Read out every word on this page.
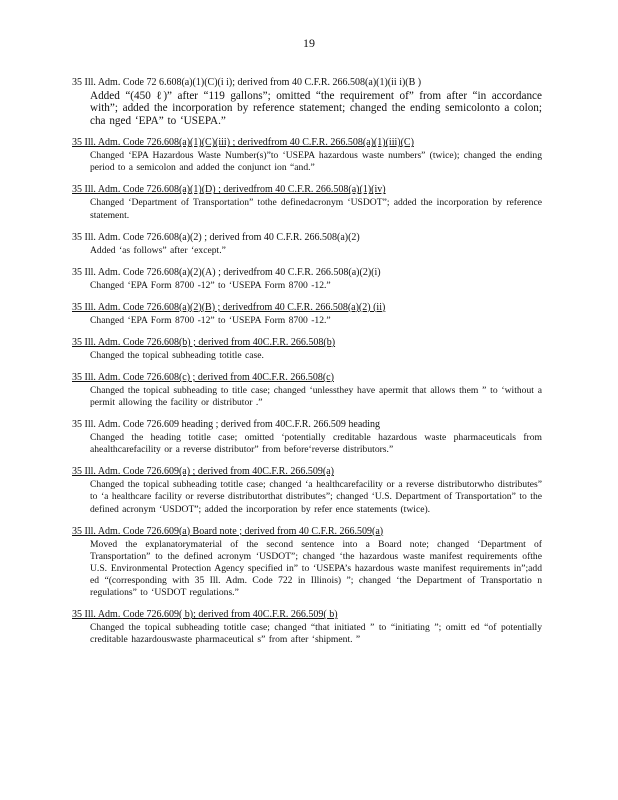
19
35 Ill. Adm. Code 72 6.608(a)(1)(C)(i i); derived from 40 C.F.R. 266.508(a)(1)(ii i)(B )
Added “(450 ℓ)” after “119 gallons”; omitted “the requirement of” from after “in accordance with”; added the incorporation by reference statement; changed the ending semicolonto a colon; cha nged ‘EPA” to ‘USEPA.”
35 Ill. Adm. Code 726.608(a)(1)(C)(iii) ; derivedfrom 40 C.F.R. 266.508(a)(1)(iii)(C)
Changed ‘EPA Hazardous Waste Number(s)”to ‘USEPA hazardous waste numbers” (twice); changed the ending period to a semicolon and added the conjunct ion “and.”
35 Ill. Adm. Code 726.608(a)(1)(D) ; derivedfrom 40 C.F.R. 266.508(a)(1)(iv)
Changed ‘Department of Transportation” tothe definedacronym ‘USDOT”; added the incorporation by reference statement.
35 Ill. Adm. Code 726.608(a)(2) ; derived from 40 C.F.R. 266.508(a)(2)
Added ‘as follows” after ‘except.”
35 Ill. Adm. Code 726.608(a)(2)(A) ; derivedfrom 40 C.F.R. 266.508(a)(2)(i)
Changed ‘EPA Form 8700 -12” to ‘USEPA Form 8700 -12.”
35 Ill. Adm. Code 726.608(a)(2)(B) ; derivedfrom 40 C.F.R. 266.508(a)(2) (ii)
Changed ‘EPA Form 8700 -12” to ‘USEPA Form 8700 -12.”
35 Ill. Adm. Code 726.608(b) ; derived from 40C.F.R. 266.508(b)
Changed the topical subheading totitle case.
35 Ill. Adm. Code 726.608(c) ; derived from 40C.F.R. 266.508(c)
Changed the topical subheading to title case; changed ‘unlessthey have apermit that allows them ” to ‘without a permit allowing the facility or distributor .”
35 Ill. Adm. Code 726.609 heading ; derived from 40C.F.R. 266.509 heading
Changed the heading totitle case; omitted ‘potentially creditable hazardous waste pharmaceuticals from ahealthcarefacility or a reverse distributor” from before‘reverse distributors.”
35 Ill. Adm. Code 726.609(a) ; derived from 40C.F.R. 266.509(a)
Changed the topical subheading totitle case; changed ‘a healthcarefacility or a reverse distributorwho distributes” to ‘a healthcare facility or reverse distributorthat distributes”; changed ‘U.S. Department of Transportation” to the defined acronym ‘USDOT”; added the incorporation by refer ence statements (twice).
35 Ill. Adm. Code 726.609(a) Board note ; derived from 40 C.F.R. 266.509(a)
Moved the explanatorymaterial of the second sentence into a Board note; changed ‘Department of Transportation” to the defined acronym ‘USDOT”; changed ‘the hazardous waste manifest requirements ofthe U.S. Environmental Protection Agency specified in” to ‘USEPA’s hazardous waste manifest requirements in”;add ed “(corresponding with 35 Ill. Adm. Code 722 in Illinois) ”; changed ‘the Department of Transportatio n regulations” to ‘USDOT regulations.”
35 Ill. Adm. Code 726.609( b); derived from 40C.F.R. 266.509( b)
Changed the topical subheading totitle case; changed “that initiated ” to “initiating ”; omitt ed “of potentially creditable hazardouswaste pharmaceutical s” from after ‘shipment. ”
